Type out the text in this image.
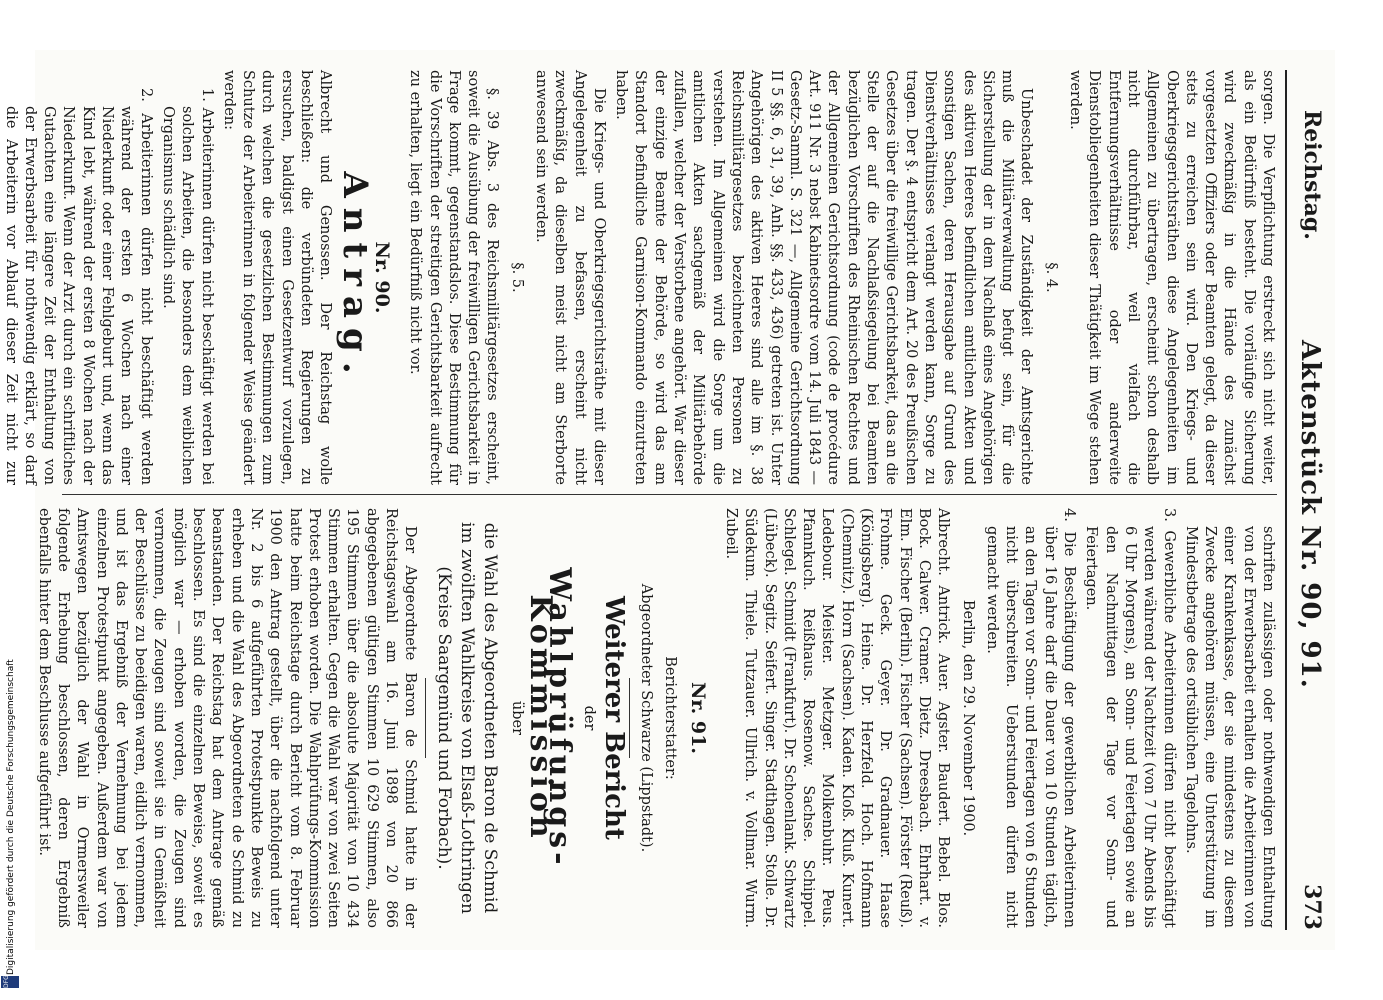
DFG
Digitalisierung gefördert durch die Deutsche Forschungsgemeinschaft
Reichstag.
Aktenstück Nr. 90, 91.
373

sorgen. Die Verpflichtung erstreckt sich nicht weiter, als ein Bedürfniß besteht. Die vorläufige Sicherung wird zweckmäßig in die Hände des zunächst vorgesetzten Offiziers oder Beamten gelegt, da dieser stets zu erreichen sein wird. Den Kriegs- und Oberkriegsgerichtsräthen diese Angelegenheiten im Allgemeinen zu übertragen, erscheint schon deshalb nicht durchführbar, weil vielfach die Entfernungsverhältnisse oder anderweite Dienstobliegenheiten dieser Thätigkeit im Wege stehen werden.

§. 4.

Unbeschadet der Zuständigkeit der Amtsgerichte muß die Militärverwaltung befugt sein, für die Sicherstellung der in dem Nachlaß eines Angehörigen des aktiven Heeres befindlichen amtlichen Akten und sonstigen Sachen, deren Herausgabe auf Grund des Dienstverhältnisses verlangt werden kann, Sorge zu tragen. Der §. 4 entspricht dem Art. 20 des Preußischen Gesetzes über die freiwillige Gerichtsbarkeit, das an die Stelle der auf die Nachlaßsiegelung bei Beamten bezüglichen Vorschriften des Rheinischen Rechtes und der Allgemeinen Gerichtsordnung (code de procédure Art. 911 Nr. 3 nebst Kabinetsordre vom 14. Juli 1843 — Gesetz-Samml. S. 321 —, Allgemeine Gerichtsordnung II 5 §§. 6, 31, 39, Anh. §§. 433, 436) getreten ist. Unter Angehörigen des aktiven Heeres sind alle im §. 38 Reichsmilitärgesetzes bezeichneten Personen zu verstehen. Im Allgemeinen wird die Sorge um die amtlichen Akten sachgemäß der Militärbehörde zufallen, welcher der Verstorbene angehört. War dieser der einzige Beamte der Behörde, so wird das am Standort befindliche Garnison-Kommando einzutreten haben.

Die Kriegs- und Oberkriegsgerichtsräthe mit dieser Angelegenheit zu befassen, erscheint nicht zweckmäßig, da dieselben meist nicht am Sterborte anwesend sein werden.

§. 5.

§. 39 Abs. 3 des Reichsmilitärgesetzes erscheint, soweit die Ausübung der freiwilligen Gerichtsbarkeit in Frage kommt, gegenstandslos. Diese Bestimmung für die Vorschriften der streitigen Gerichtsbarkeit aufrecht zu erhalten, liegt ein Bedürfniß nicht vor.

Nr. 90.

Antrag.

Albrecht und Genossen. Der Reichstag wolle beschließen: die verbündeten Regierungen zu ersuchen, baldigst einen Gesetzentwurf vorzulegen, durch welchen die gesetzlichen Bestimmungen zum Schutze der Arbeiterinnen in folgender Weise geändert werden:

1. Arbeiterinnen dürfen nicht beschäftigt werden bei solchen Arbeiten, die besonders dem weiblichen Organismus schädlich sind.

2. Arbeiterinnen dürfen nicht beschäftigt werden während der ersten 6 Wochen nach einer Niederkunft oder einer Fehlgeburt und, wenn das Kind lebt, während der ersten 8 Wochen nach der Niederkunft. Wenn der Arzt durch ein schriftliches Gutachten eine längere Zeit der Enthaltung von der Erwerbsarbeit für nothwendig erklärt, so darf die Arbeiterin vor Ablauf dieser Zeit nicht zur

schriften zulässigen oder nothwendigen Enthaltung von der Erwerbsarbeit erhalten die Arbeiterinnen von einer Krankenkasse, der sie mindestens zu diesem Zwecke angehören müssen, eine Unterstützung im Mindestbetrage des ortsüblichen Tagelohns.

3. Gewerbliche Arbeiterinnen dürfen nicht beschäftigt werden während der Nachtzeit (von 7 Uhr Abends bis 6 Uhr Morgens), an Sonn- und Feiertagen sowie an den Nachmittagen der Tage vor Sonn- und Feiertagen.

4. Die Beschäftigung der gewerblichen Arbeiterinnen über 16 Jahre darf die Dauer von 10 Stunden täglich, an den Tagen vor Sonn- und Feiertagen von 6 Stunden nicht überschreiten. Ueberstunden dürfen nicht gemacht werden.

Berlin, den 29. November 1900.

Albrecht. Antrick. Auer. Agster. Baudert. Bebel. Blos. Bock. Calwer. Cramer. Dietz. Dreesbach. Ehrhart. v. Elm. Fischer (Berlin). Fischer (Sachsen). Förster (Reuß). Frohme. Geck. Geyer. Dr. Gradnauer. Haase (Königsberg). Heine. Dr. Herzfeld. Hoch. Hofmann (Chemnitz). Horn (Sachsen). Kaden. Kloß. Kluß. Kunert. Ledebour. Meister. Metzger. Molkenbuhr. Peus. Pfannkuch. Reißhaus. Rosenow. Sachse. Schippel. Schlegel. Schmidt (Frankfurt). Dr. Schoenlank. Schwartz (Lübeck). Segitz. Seifert. Singer. Stadthagen. Stolle. Dr. Südekum. Thiele. Tutzauer. Ullrich. v. Vollmar. Wurm. Zubeil.

Nr. 91.

Berichterstatter:

Abgeordneter Schwarze (Lippstadt).

Weiterer Bericht

der

Wahlprüfungs-Kommission

über

die Wahl des Abgeordneten Baron de Schmid im zwölften Wahlkreise von Elsaß-Lothringen (Kreise Saargemünd und Forbach).

Der Abgeordnete Baron de Schmid hatte in der Reichstagswahl am 16. Juni 1898 von 20 866 abgegebenen gültigen Stimmen 10 629 Stimmen, also 195 Stimmen über die absolute Majorität von 10 434 Stimmen erhalten. Gegen die Wahl war von zwei Seiten Protest erhoben worden. Die Wahlprüfungs-Kommission hatte beim Reichstage durch Bericht vom 8. Februar 1900 den Antrag gestellt, über die nachfolgend unter Nr. 2 bis 6 aufgeführten Protestpunkte Beweis zu erheben und die Wahl des Abgeordneten de Schmid zu beanstanden. Der Reichstag hat dem Antrage gemäß beschlossen. Es sind die einzelnen Beweise, soweit es möglich war — erhoben worden, die Zeugen sind vernommen, die Zeugen sind soweit sie in Gemäßheit der Beschlüsse zu beeidigen waren, eidlich vernommen, und ist das Ergebniß der Vernehmung bei jedem einzelnen Protestpunkt angegeben. Außerdem war von Amtswegen bezüglich der Wahl in Ormersweiler folgende Erhebung beschlossen, deren Ergebniß ebenfalls hinter dem Beschlusse aufgeführt ist.
